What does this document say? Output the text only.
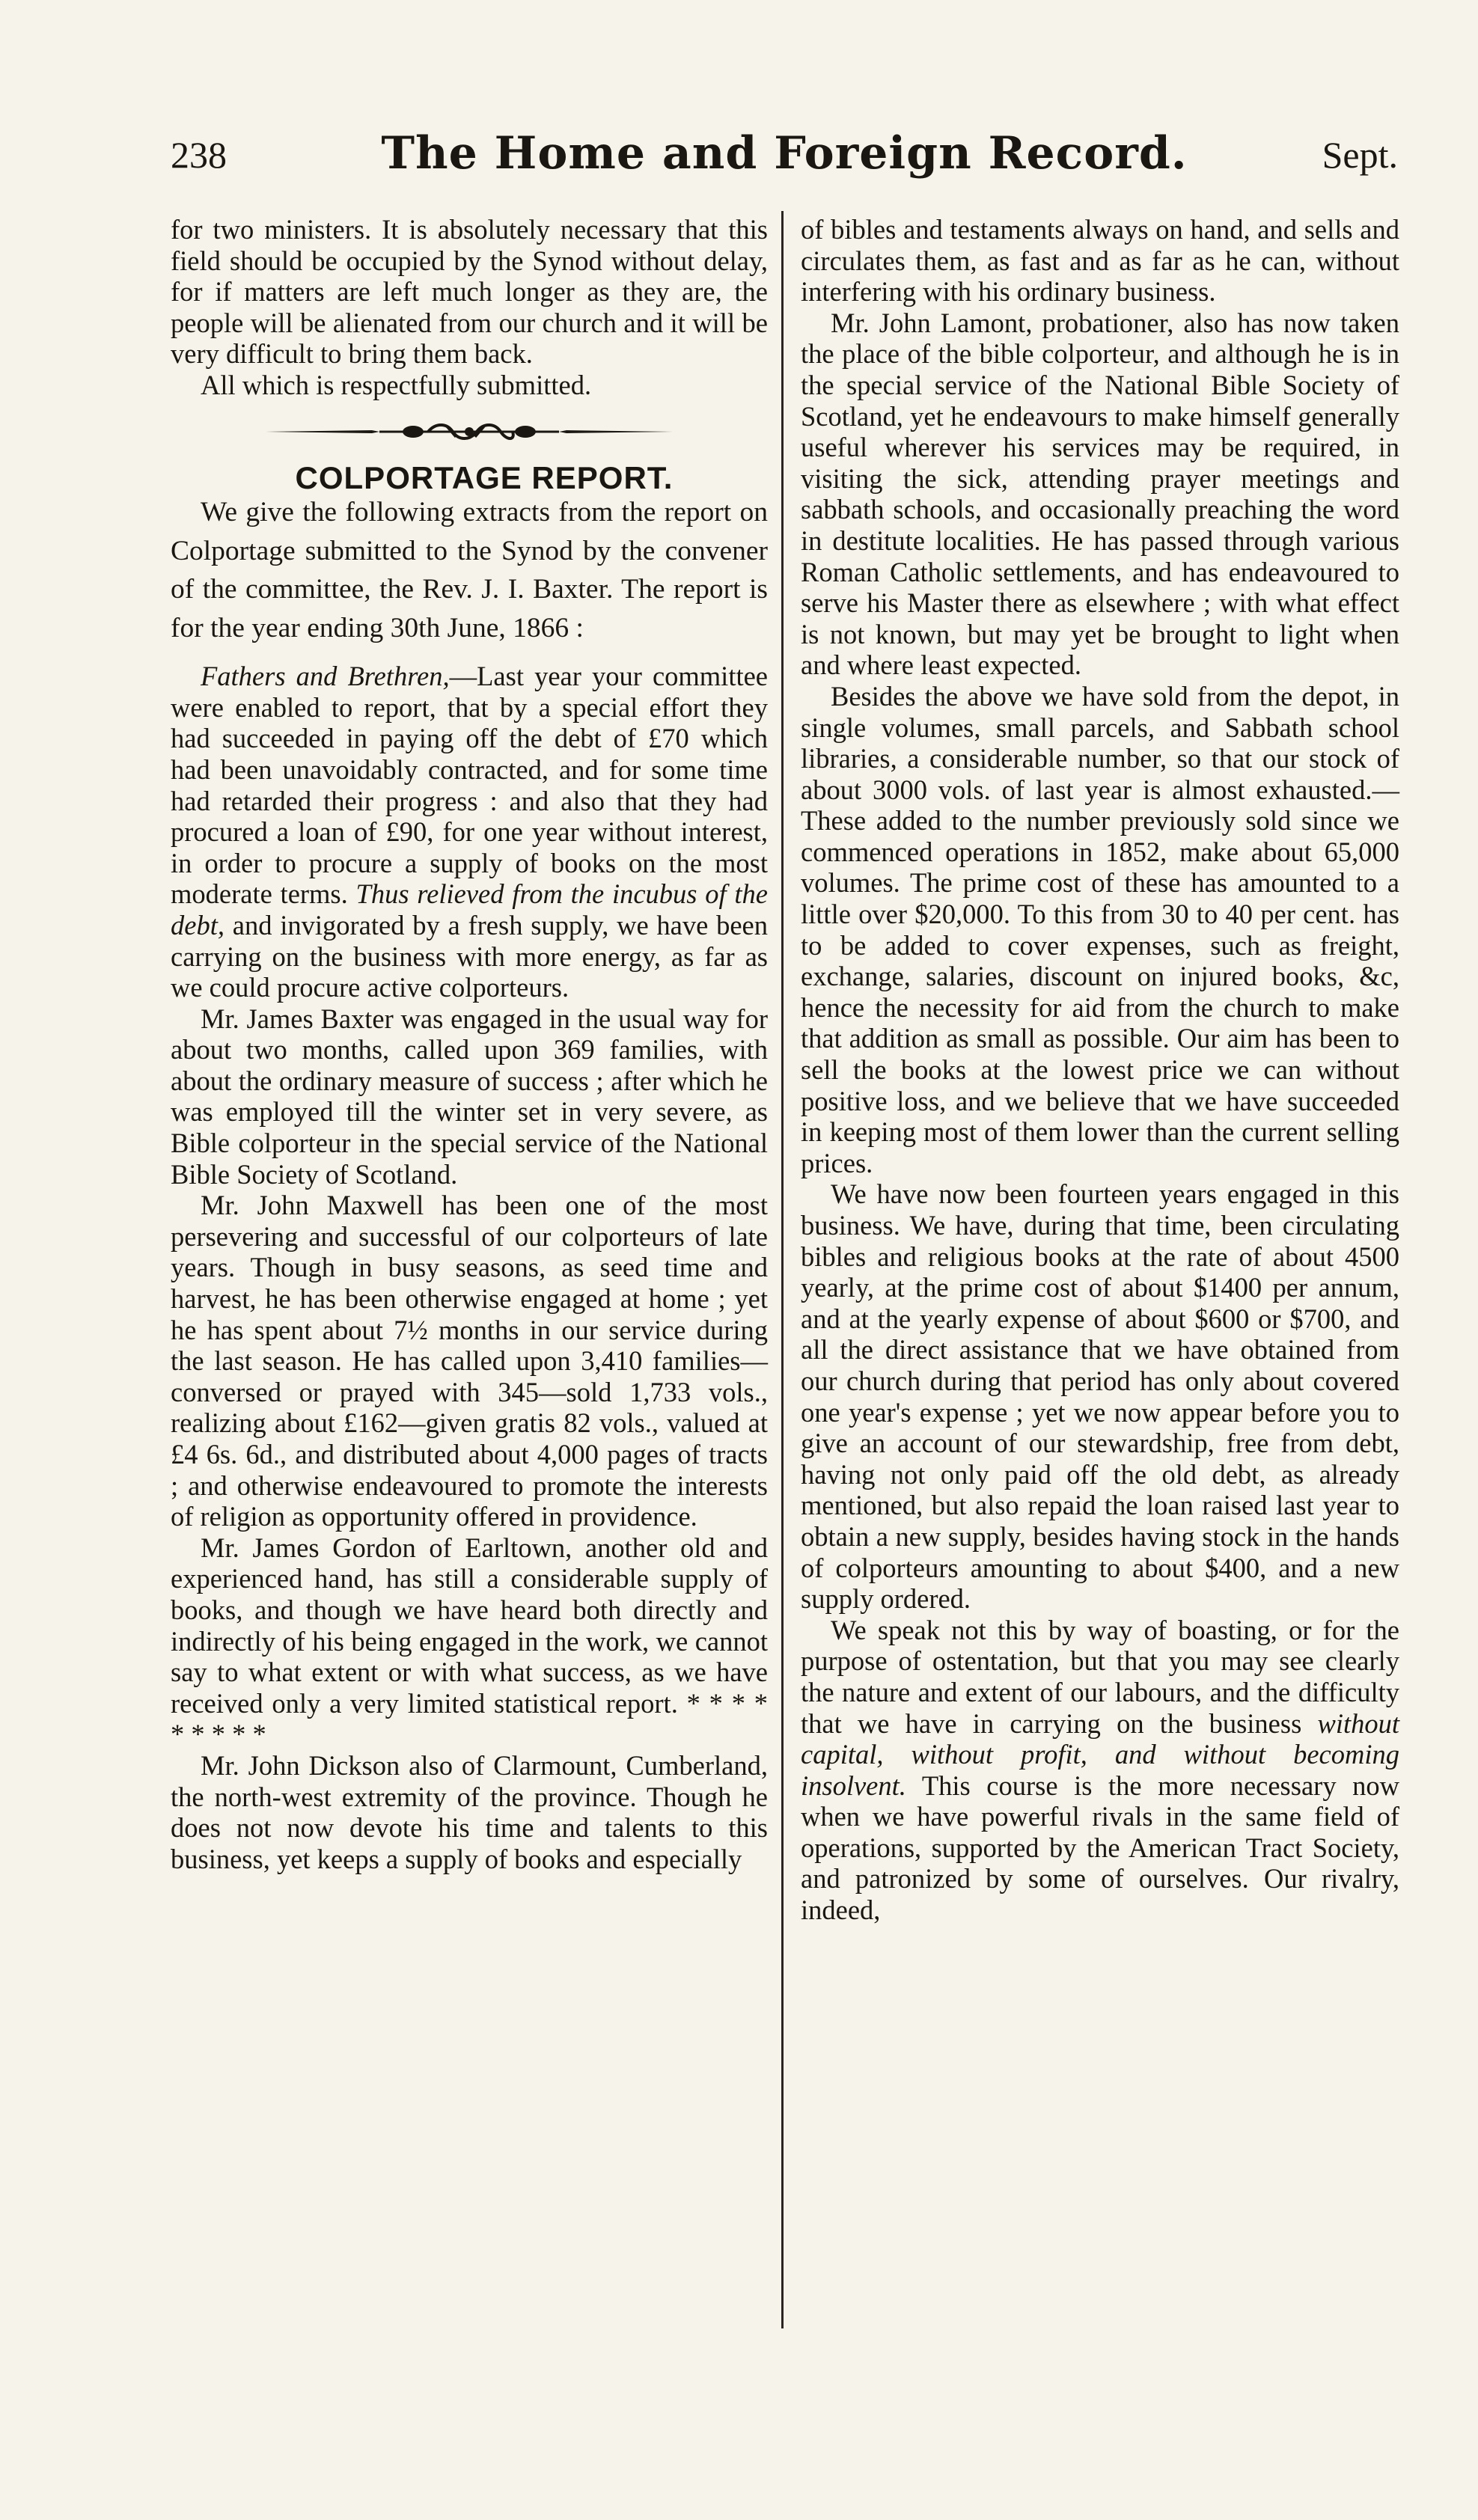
238	The Home and Foreign Record.	Sept.

for two ministers. It is absolutely necessary that this field should be occupied by the Synod without delay, for if matters are left much longer as they are, the people will be alienated from our church and it will be very difficult to bring them back.

All which is respectfully submitted.

COLPORTAGE REPORT.

We give the following extracts from the report on Colportage submitted to the Synod by the convener of the committee, the Rev. J. I. Baxter. The report is for the year ending 30th June, 1866 :

Fathers and Brethren,—Last year your committee were enabled to report, that by a special effort they had succeeded in paying off the debt of £70 which had been unavoidably contracted, and for some time had retarded their progress : and also that they had procured a loan of £90, for one year without interest, in order to procure a supply of books on the most moderate terms. Thus relieved from the incubus of the debt, and invigorated by a fresh supply, we have been carrying on the business with more energy, as far as we could procure active colporteurs.

Mr. James Baxter was engaged in the usual way for about two months, called upon 369 families, with about the ordinary measure of success ; after which he was employed till the winter set in very severe, as Bible colporteur in the special service of the National Bible Society of Scotland.

Mr. John Maxwell has been one of the most persevering and successful of our colporteurs of late years. Though in busy seasons, as seed time and harvest, he has been otherwise engaged at home ; yet he has spent about 7½ months in our service during the last season. He has called upon 3,410 families—conversed or prayed with 345—sold 1,733 vols., realizing about £162—given gratis 82 vols., valued at £4 6s. 6d., and distributed about 4,000 pages of tracts ; and otherwise endeavoured to promote the interests of religion as opportunity offered in providence.

Mr. James Gordon of Earltown, another old and experienced hand, has still a considerable supply of books, and though we have heard both directly and indirectly of his being engaged in the work, we cannot say to what extent or with what success, as we have received only a very limited statistical report. * * * * * * * * *

Mr. John Dickson also of Clarmount, Cumberland, the north-west extremity of the province. Though he does not now devote his time and talents to this business, yet keeps a supply of books and especially

of bibles and testaments always on hand, and sells and circulates them, as fast and as far as he can, without interfering with his ordinary business.

Mr. John Lamont, probationer, also has now taken the place of the bible colporteur, and although he is in the special service of the National Bible Society of Scotland, yet he endeavours to make himself generally useful wherever his services may be required, in visiting the sick, attending prayer meetings and sabbath schools, and occasionally preaching the word in destitute localities. He has passed through various Roman Catholic settlements, and has endeavoured to serve his Master there as elsewhere ; with what effect is not known, but may yet be brought to light when and where least expected.

Besides the above we have sold from the depot, in single volumes, small parcels, and Sabbath school libraries, a considerable number, so that our stock of about 3000 vols. of last year is almost exhausted.—These added to the number previously sold since we commenced operations in 1852, make about 65,000 volumes. The prime cost of these has amounted to a little over $20,000. To this from 30 to 40 per cent. has to be added to cover expenses, such as freight, exchange, salaries, discount on injured books, &c, hence the necessity for aid from the church to make that addition as small as possible. Our aim has been to sell the books at the lowest price we can without positive loss, and we believe that we have succeeded in keeping most of them lower than the current selling prices.

We have now been fourteen years engaged in this business. We have, during that time, been circulating bibles and religious books at the rate of about 4500 yearly, at the prime cost of about $1400 per annum, and at the yearly expense of about $600 or $700, and all the direct assistance that we have obtained from our church during that period has only about covered one year's expense ; yet we now appear before you to give an account of our stewardship, free from debt, having not only paid off the old debt, as already mentioned, but also repaid the loan raised last year to obtain a new supply, besides having stock in the hands of colporteurs amounting to about $400, and a new supply ordered.

We speak not this by way of boasting, or for the purpose of ostentation, but that you may see clearly the nature and extent of our labours, and the difficulty that we have in carrying on the business without capital, without profit, and without becoming insolvent. This course is the more necessary now when we have powerful rivals in the same field of operations, supported by the American Tract Society, and patronized by some of ourselves. Our rivalry, indeed,
